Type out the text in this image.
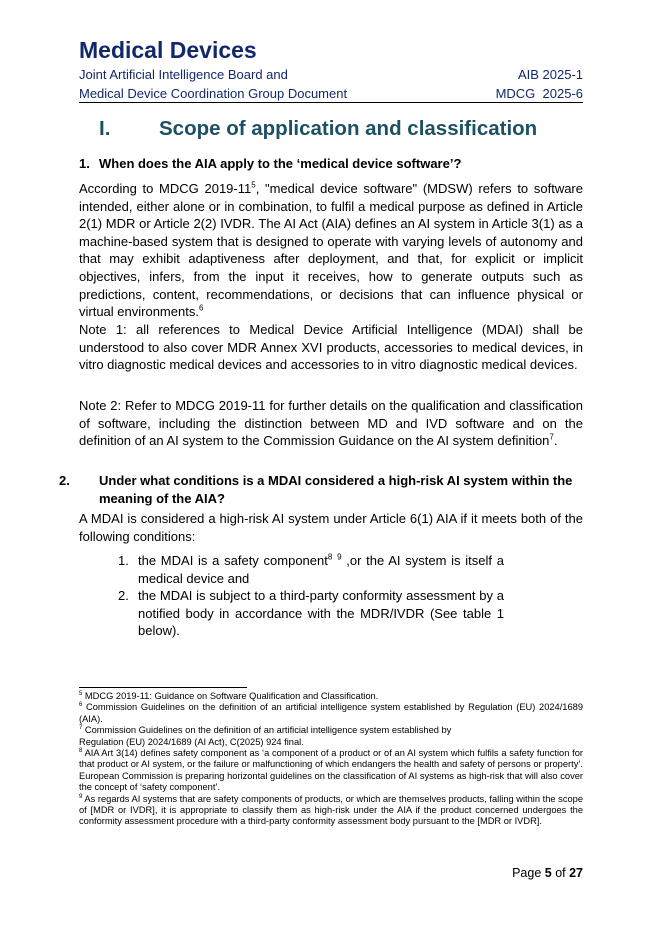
Medical Devices
Joint Artificial Intelligence Board and	AIB 2025-1
Medical Device Coordination Group Document	MDCG  2025-6
I. Scope of application and classification
1. When does the AIA apply to the ‘medical device software’?
According to MDCG $2019-11^5$, "medical device software" (MDSW) refers to software intended, either alone or in combination, to fulfil a medical purpose as defined in Article 2(1) MDR or Article 2(2) IVDR. The AI Act (AIA) defines an AI system in Article 3(1) as a machine-based system that is designed to operate with varying levels of autonomy and that may exhibit adaptiveness after deployment, and that, for explicit or implicit objectives, infers, from the input it receives, how to generate outputs such as predictions, content, recommendations, or decisions that can influence physical or virtual environments.$^6$
Note 1: all references to Medical Device Artificial Intelligence (MDAI) shall be understood to also cover MDR Annex XVI products, accessories to medical devices, in vitro diagnostic medical devices and accessories to in vitro diagnostic medical devices.
Note 2: Refer to MDCG 2019-11 for further details on the qualification and classification of software, including the distinction between MD and IVD software and on the definition of an AI system to the Commission Guidance on the AI system definition$^7$.
2. Under what conditions is a MDAI considered a high-risk AI system within the meaning of the AIA?
A MDAI is considered a high-risk AI system under Article 6(1) AIA if it meets both of the following conditions:
1. the MDAI is a safety component$^8$ $^9$ ,or the AI system is itself a medical device and
2. the MDAI is subject to a third-party conformity assessment by a notified body in accordance with the MDR/IVDR (See table 1 below).
$^5$ MDCG 2019-11: Guidance on Software Qualification and Classification.
$^6$ Commission Guidelines on the definition of an artificial intelligence system established by Regulation (EU) 2024/1689 (AIA).
$^7$ Commission Guidelines on the definition of an artificial intelligence system established by Regulation (EU) 2024/1689 (AI Act), C(2025) 924 final.
$^8$ AIA Art 3(14) defines safety component as ‘a component of a product or of an AI system which fulfils a safety function for that product or AI system, or the failure or malfunctioning of which endangers the health and safety of persons or property’. European Commission is preparing horizontal guidelines on the classification of AI systems as high-risk that will also cover the concept of ‘safety component’.
$^9$ As regards AI systems that are safety components of products, or which are themselves products, falling within the scope of [MDR or IVDR], it is appropriate to classify them as high-risk under the AIA if the product concerned undergoes the conformity assessment procedure with a third-party conformity assessment body pursuant to the [MDR or IVDR].
Page 5 of 27
